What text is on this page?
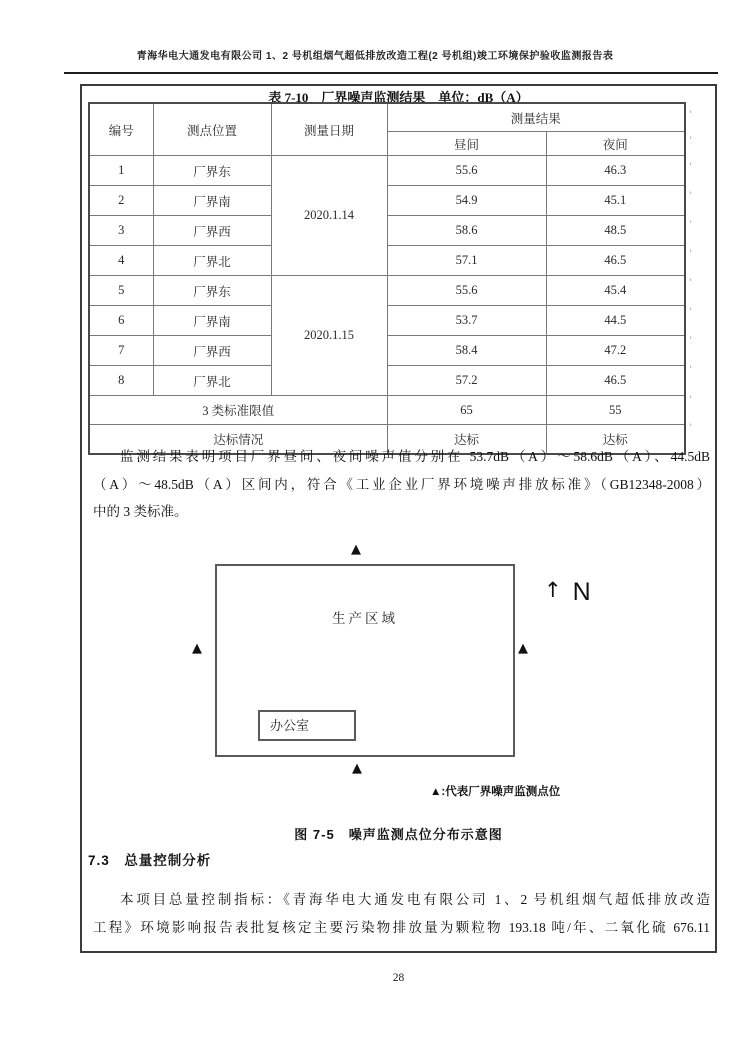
青海华电大通发电有限公司 1、2 号机组烟气超低排放改造工程(2 号机组)竣工环境保护验收监测报告表
表 7-10　厂界噪声监测结果　单位：dB（A）
编号	测点位置	测量日期	测量结果	
			昼间	夜间
1	厂界东	2020.1.14	55.6	46.3
2	厂界南		54.9	45.1
3	厂界西		58.6	48.5
4	厂界北		57.1	46.5
5	厂界东	2020.1.15	55.6	45.4
6	厂界南		53.7	44.5
7	厂界西		58.4	47.2
8	厂界北		57.2	46.5
3 类标准限值			65	55
达标情况			达标	达标
'
'
'
'
'
'
'
'
'
'
'
'
监测结果表明项目厂界昼间、夜间噪声值分别在 53.7dB（A）～58.6dB（A）、44.5dB
（A）～48.5dB（A）区间内，符合《工业企业厂界环境噪声排放标准》（GB12348-2008）
中的 3 类标准。
▲
▲	▲
▲
生产区域
办公室
↑ N
▲:代表厂界噪声监测点位
图 7-5　噪声监测点位分布示意图
7.3　总量控制分析
本项目总量控制指标：《青海华电大通发电有限公司 1、2 号机组烟气超低排放改造
工程》环境影响报告表批复核定主要污染物排放量为颗粒物 193.18 吨/年、二氧化硫 676.11
28
